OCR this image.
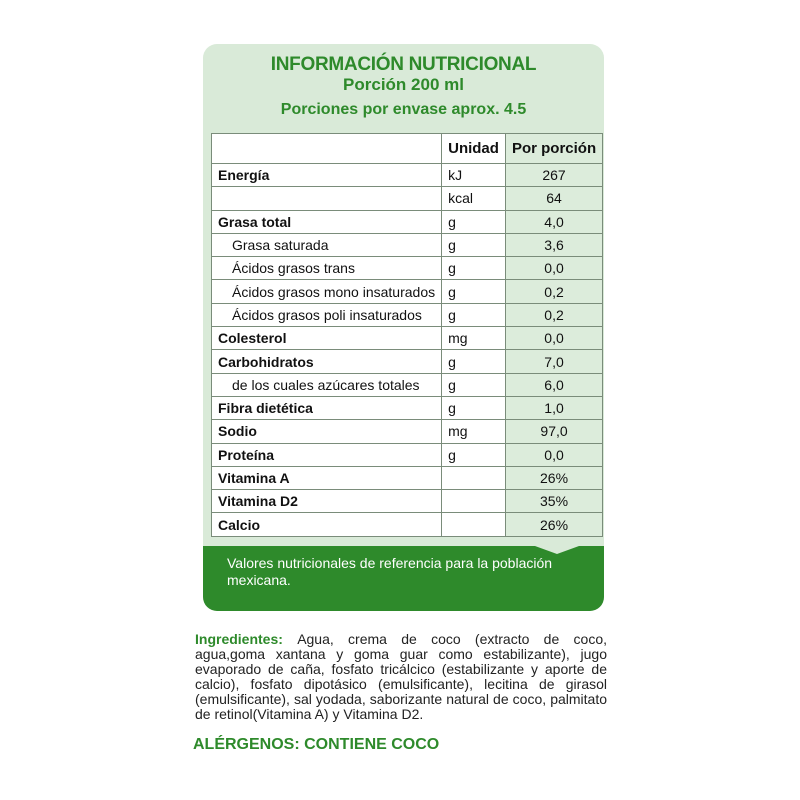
INFORMACIÓN NUTRICIONAL
Porción 200 ml
Porciones por envase aprox. 4.5
	Unidad	Por porción
Energía	kJ	267
	kcal	64
Grasa total	g	4,0
Grasa saturada	g	3,6
Ácidos grasos trans	g	0,0
Ácidos grasos mono insaturados	g	0,2
Ácidos grasos poli insaturados	g	0,2
Colesterol	mg	0,0
Carbohidratos	g	7,0
de los cuales azúcares totales	g	6,0
Fibra dietética	g	1,0
Sodio	mg	97,0
Proteína	g	0,0
Vitamina A		26%
Vitamina D2		35%
Calcio		26%
Valores nutricionales de referencia para la población mexicana.
Ingredientes: Agua, crema de coco (extracto de coco, agua,goma xantana y goma guar como estabilizante), jugo evaporado de caña, fosfato tricálcico (estabilizante y aporte de calcio), fosfato dipotásico (emulsificante), lecitina de girasol (emulsificante), sal yodada, saborizante natural de coco, palmitato de retinol(Vitamina A) y Vitamina D2.
ALÉRGENOS: CONTIENE COCO
